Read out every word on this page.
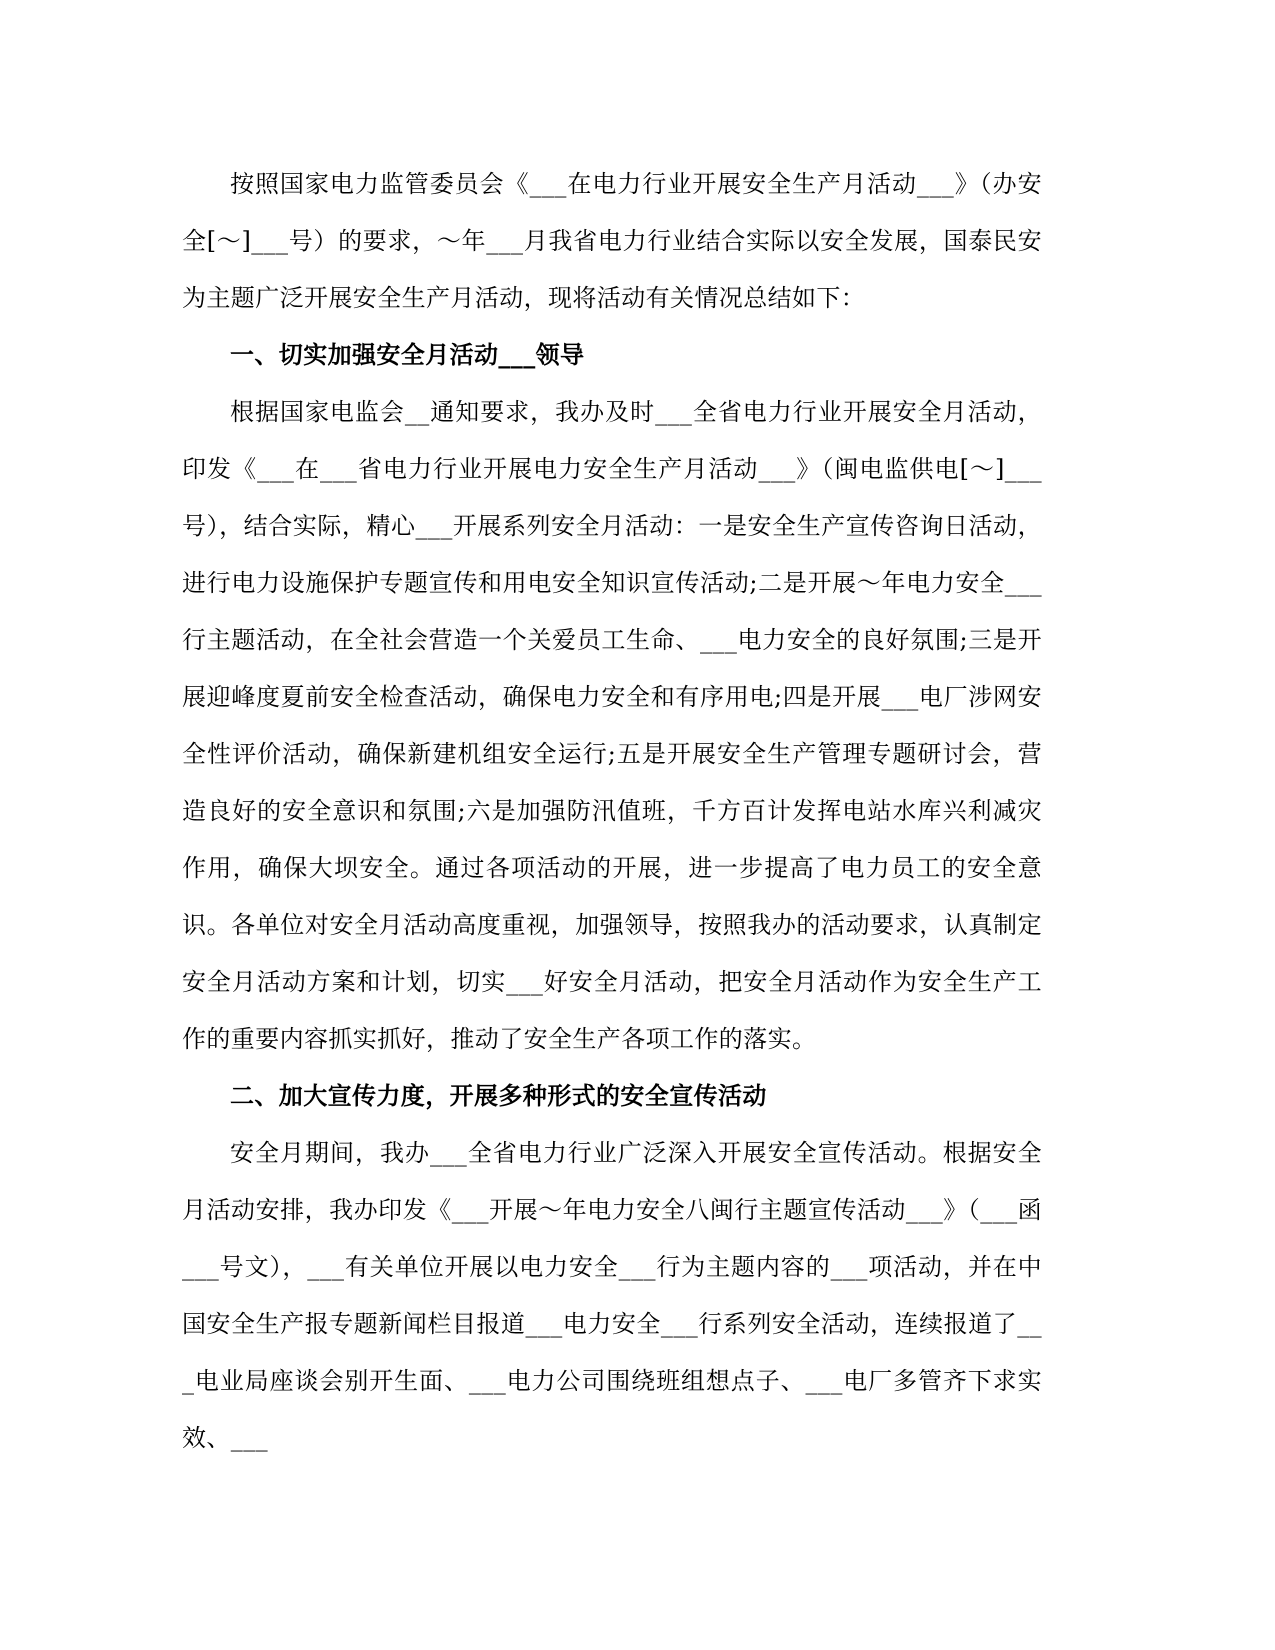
按照国家电力监管委员会《___在电力行业开展安全生产月活动___》（办安全[～]___号）的要求，～年___月我省电力行业结合实际以安全发展，国泰民安为主题广泛开展安全生产月活动，现将活动有关情况总结如下：

一、切实加强安全月活动___领导

根据国家电监会__通知要求，我办及时___全省电力行业开展安全月活动，印发《___在___省电力行业开展电力安全生产月活动___》（闽电监供电[～]___号），结合实际，精心___开展系列安全月活动：一是安全生产宣传咨询日活动，进行电力设施保护专题宣传和用电安全知识宣传活动;二是开展～年电力安全___行主题活动，在全社会营造一个关爱员工生命、___电力安全的良好氛围;三是开展迎峰度夏前安全检查活动，确保电力安全和有序用电;四是开展___电厂涉网安全性评价活动，确保新建机组安全运行;五是开展安全生产管理专题研讨会，营造良好的安全意识和氛围;六是加强防汛值班，千方百计发挥电站水库兴利减灾作用，确保大坝安全。通过各项活动的开展，进一步提高了电力员工的安全意识。各单位对安全月活动高度重视，加强领导，按照我办的活动要求，认真制定安全月活动方案和计划，切实___好安全月活动，把安全月活动作为安全生产工作的重要内容抓实抓好，推动了安全生产各项工作的落实。

二、加大宣传力度，开展多种形式的安全宣传活动

安全月期间，我办___全省电力行业广泛深入开展安全宣传活动。根据安全月活动安排，我办印发《___开展～年电力安全八闽行主题宣传活动___》（___函___号文），___有关单位开展以电力安全___行为主题内容的___项活动，并在中国安全生产报专题新闻栏目报道___电力安全___行系列安全活动，连续报道了___电业局座谈会别开生面、___电力公司围绕班组想点子、___电厂多管齐下求实效、___
